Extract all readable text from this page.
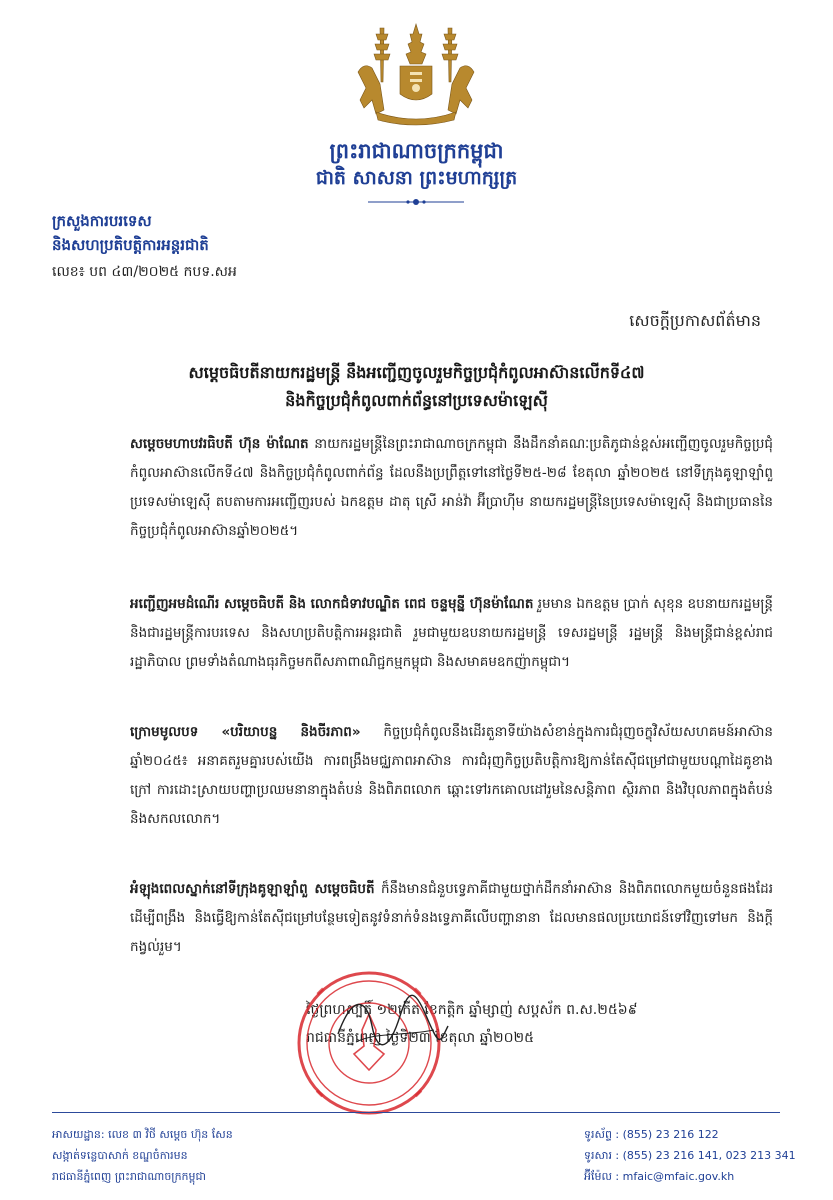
ព្រះរាជាណាចក្រកម្ពុជា
ជាតិ សាសនា ព្រះមហាក្សត្រ
ក្រសួងការបរទេស
និងសហប្រតិបត្តិការអន្តរជាតិ
លេខ៖ បព ៤៣/២០២៥ កបទ.សអ
សេចក្តីប្រកាសព័ត៌មាន
សម្តេចធិបតីនាយករដ្ឋមន្ត្រី នឹងអញ្ជើញចូលរួមកិច្ចប្រជុំកំពូលអាស៊ានលើកទី៤៧
និងកិច្ចប្រជុំកំពូលពាក់ព័ន្ធនៅប្រទេសម៉ាឡេស៊ី
សម្តេចមហាបវរធិបតី ហ៊ុន ម៉ាណែត នាយករដ្ឋមន្ត្រីនៃព្រះរាជាណាចក្រកម្ពុជា នឹងដឹកនាំគណៈប្រតិភូជាន់ខ្ពស់អញ្ជើញចូលរួមកិច្ចប្រជុំកំពូលអាស៊ានលើកទី៤៧ និងកិច្ចប្រជុំកំពូលពាក់ព័ន្ធ ដែលនឹងប្រព្រឹត្តទៅនៅថ្ងៃទី២៥-២៨ ខែតុលា ឆ្នាំ២០២៥ នៅទីក្រុងគូឡាឡាំពួ ប្រទេសម៉ាឡេស៊ី តបតាមការអញ្ជើញរបស់ ឯកឧត្តម ដាតុ ស្រើ អាន់វ៉ា អ៊ីប្រាហ៊ីម នាយករដ្ឋមន្ត្រីនៃប្រទេសម៉ាឡេស៊ី និងជាប្រធាននៃកិច្ចប្រជុំកំពូលអាស៊ានឆ្នាំ២០២៥។
អញ្ជើញអមដំណើរ សម្តេចធិបតី និង លោកជំទាវបណ្ឌិត ពេជ ចន្ទមុន្នី ហ៊ុនម៉ាណែត រួមមាន ឯកឧត្តម ប្រាក់ សុខុន ឧបនាយករដ្ឋមន្ត្រី និងជារដ្ឋមន្ត្រីការបរទេស និងសហប្រតិបត្តិការអន្តរជាតិ រួមជាមួយឧបនាយករដ្ឋមន្ត្រី ទេសរដ្ឋមន្ត្រី រដ្ឋមន្ត្រី និងមន្ត្រីជាន់ខ្ពស់រាជរដ្ឋាភិបាល ព្រមទាំងតំណាងធុរកិច្ចមកពីសភាពាណិជ្ជកម្មកម្ពុជា និងសមាគមឧកញ៉ាកម្ពុជា។
ក្រោមមូលបទ «បរិយាបន្ន និងចីរភាព» កិច្ចប្រជុំកំពូលនឹងដើរតួនាទីយ៉ាងសំខាន់ក្នុងការជំរុញចក្ខុវិស័យសហគមន៍អាស៊ានឆ្នាំ២០៤៥៖ អនាគតរួមគ្នារបស់យើង ការពង្រឹងមជ្ឈភាពអាស៊ាន ការជំរុញកិច្ចប្រតិបត្តិការឱ្យកាន់តែស៊ីជម្រៅជាមួយបណ្តាដៃគូខាងក្រៅ ការដោះស្រាយបញ្ហាប្រឈមនានាក្នុងតំបន់ និងពិភពលោក ឆ្ពោះទៅរកគោលដៅរួមនៃសន្តិភាព ស្ថិរភាព និងវិបុលភាពក្នុងតំបន់ និងសកលលោក។
អំឡុងពេលស្នាក់នៅទីក្រុងគូឡាឡាំពួ សម្តេចធិបតី ក៏នឹងមានជំនួបទ្វេភាគីជាមួយថ្នាក់ដឹកនាំអាស៊ាន និងពិភពលោកមួយចំនួនផងដែរ ដើម្បីពង្រឹង និងធ្វើឱ្យកាន់តែស៊ីជម្រៅបន្ថែមទៀតនូវទំនាក់ទំនងទ្វេភាគីលើបញ្ហានានា ដែលមានផលប្រយោជន៍ទៅវិញទៅមក និងក្តីកង្វល់រួម។
ថ្ងៃព្រហស្បតិ៍ ១២កើត ខែកត្តិក ឆ្នាំម្សាញ់ សប្តស័ក ព.ស.២៥៦៩
រាជធានីភ្នំពេញ ថ្ងៃទី២៣ ខែតុលា ឆ្នាំ២០២៥
អាសយដ្ឋាន: លេខ ៣ វិថី សម្តេច ហ៊ុន សែន
សង្កាត់ទន្លេបាសាក់ ខណ្ឌចំការមន
រាជធានីភ្នំពេញ ព្រះរាជាណាចក្រកម្ពុជា
ទូរស័ព្ទ : (855) 23 216 122
ទូរសារ : (855) 23 216 141, 023 213 341
អ៊ីម៉ែល : mfaic@mfaic.gov.kh
